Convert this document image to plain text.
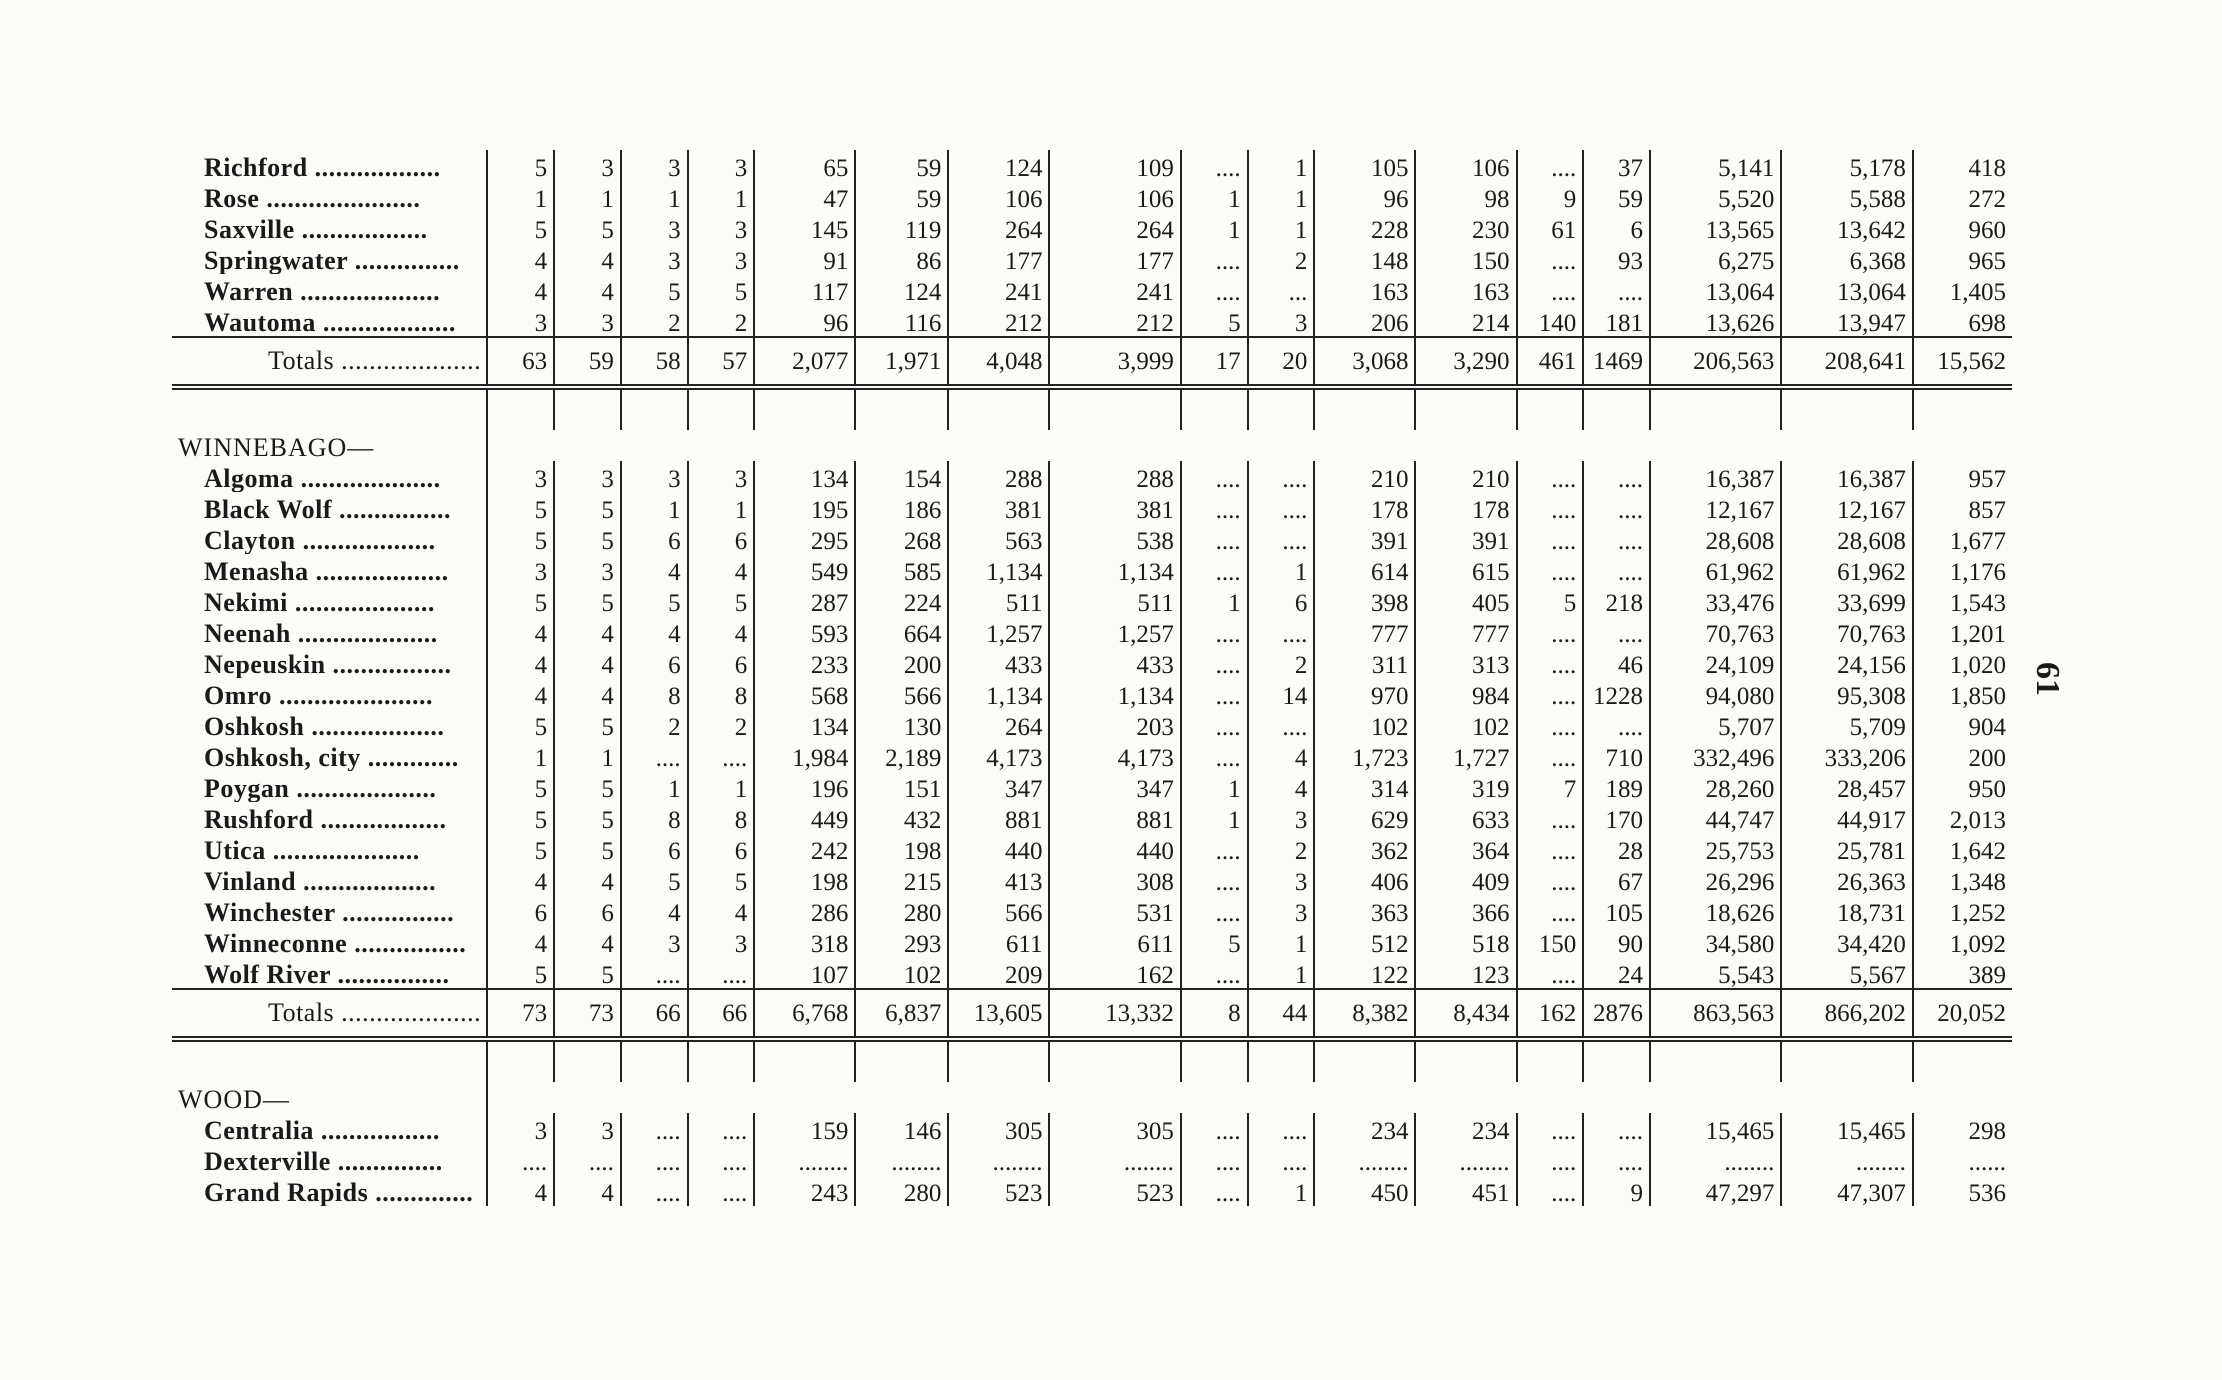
Richford ..................	5	3	3	3	65	59	124	109	....	1	105	106	....	37	5,141	5,178	418
Rose ......................	1	1	1	1	47	59	106	106	1	1	96	98	9	59	5,520	5,588	272
Saxville ..................	5	5	3	3	145	119	264	264	1	1	228	230	61	6	13,565	13,642	960
Springwater ...............	4	4	3	3	91	86	177	177	....	2	148	150	....	93	6,275	6,368	965
Warren ....................	4	4	5	5	117	124	241	241	....	...	163	163	....	....	13,064	13,064	1,405
Wautoma ...................	3	3	2	2	96	116	212	212	5	3	206	214	140	181	13,626	13,947	698
Totals ....................	63	59	58	57	2,077	1,971	4,048	3,999	17	20	3,068	3,290	461	1469	206,563	208,641	15,562

WINNEBAGO—																	
Algoma ....................	3	3	3	3	134	154	288	288	....	....	210	210	....	....	16,387	16,387	957
Black Wolf ................	5	5	1	1	195	186	381	381	....	....	178	178	....	....	12,167	12,167	857
Clayton ...................	5	5	6	6	295	268	563	538	....	....	391	391	....	....	28,608	28,608	1,677
Menasha ...................	3	3	4	4	549	585	1,134	1,134	....	1	614	615	....	....	61,962	61,962	1,176
Nekimi ....................	5	5	5	5	287	224	511	511	1	6	398	405	5	218	33,476	33,699	1,543
Neenah ....................	4	4	4	4	593	664	1,257	1,257	....	....	777	777	....	....	70,763	70,763	1,201
Nepeuskin .................	4	4	6	6	233	200	433	433	....	2	311	313	....	46	24,109	24,156	1,020
Omro ......................	4	4	8	8	568	566	1,134	1,134	....	14	970	984	....	1228	94,080	95,308	1,850
Oshkosh ...................	5	5	2	2	134	130	264	203	....	....	102	102	....	....	5,707	5,709	904
Oshkosh, city .............	1	1	....	....	1,984	2,189	4,173	4,173	....	4	1,723	1,727	....	710	332,496	333,206	200
Poygan ....................	5	5	1	1	196	151	347	347	1	4	314	319	7	189	28,260	28,457	950
Rushford ..................	5	5	8	8	449	432	881	881	1	3	629	633	....	170	44,747	44,917	2,013
Utica .....................	5	5	6	6	242	198	440	440	....	2	362	364	....	28	25,753	25,781	1,642
Vinland ...................	4	4	5	5	198	215	413	308	....	3	406	409	....	67	26,296	26,363	1,348
Winchester ................	6	6	4	4	286	280	566	531	....	3	363	366	....	105	18,626	18,731	1,252
Winneconne ................	4	4	3	3	318	293	611	611	5	1	512	518	150	90	34,580	34,420	1,092
Wolf River ................	5	5	....	....	107	102	209	162	....	1	122	123	....	24	5,543	5,567	389
Totals ....................	73	73	66	66	6,768	6,837	13,605	13,332	8	44	8,382	8,434	162	2876	863,563	866,202	20,052

WOOD—																	
Centralia .................	3	3	....	....	159	146	305	305	....	....	234	234	....	....	15,465	15,465	298
Dexterville ...............	....	....	....	....	........	........	........	........	....	....	........	........	....	....	........	........	......
Grand Rapids ..............	4	4	....	....	243	280	523	523	....	1	450	451	....	9	47,297	47,307	536
61
